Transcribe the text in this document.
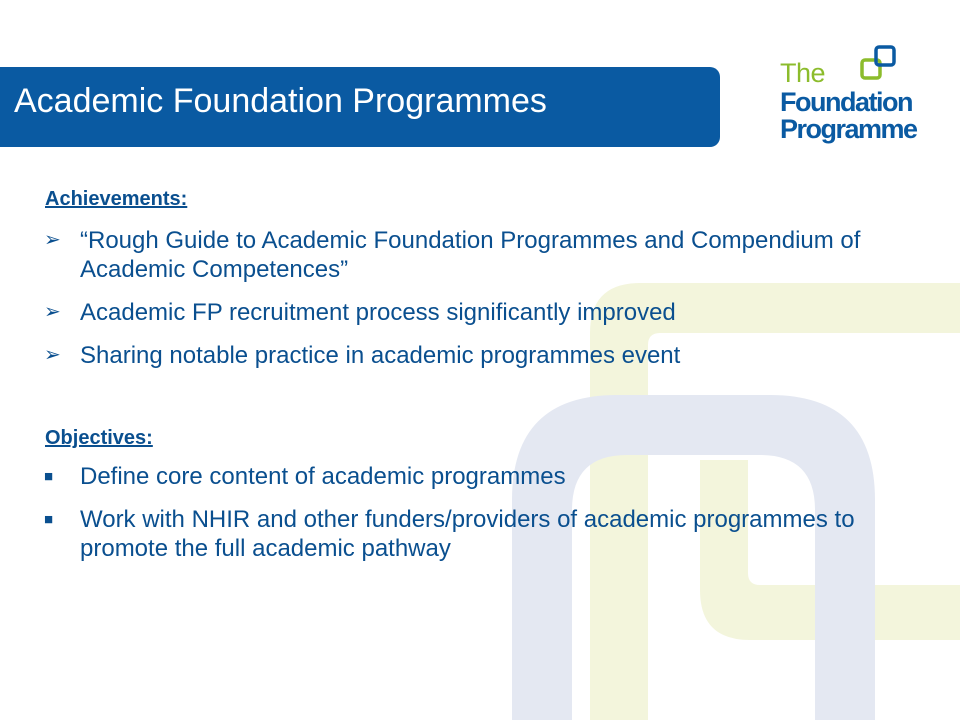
Academic Foundation Programmes

The

Foundation

Programme

Achievements:
➢ “Rough Guide to Academic Foundation Programmes and Compendium of Academic Competences”
➢ Academic FP recruitment process significantly improved
➢ Sharing notable practice in academic programmes event
Objectives:
■	Define core content of academic programmes
■	Work with NHIR and other funders/providers of academic programmes to promote the full academic pathway
